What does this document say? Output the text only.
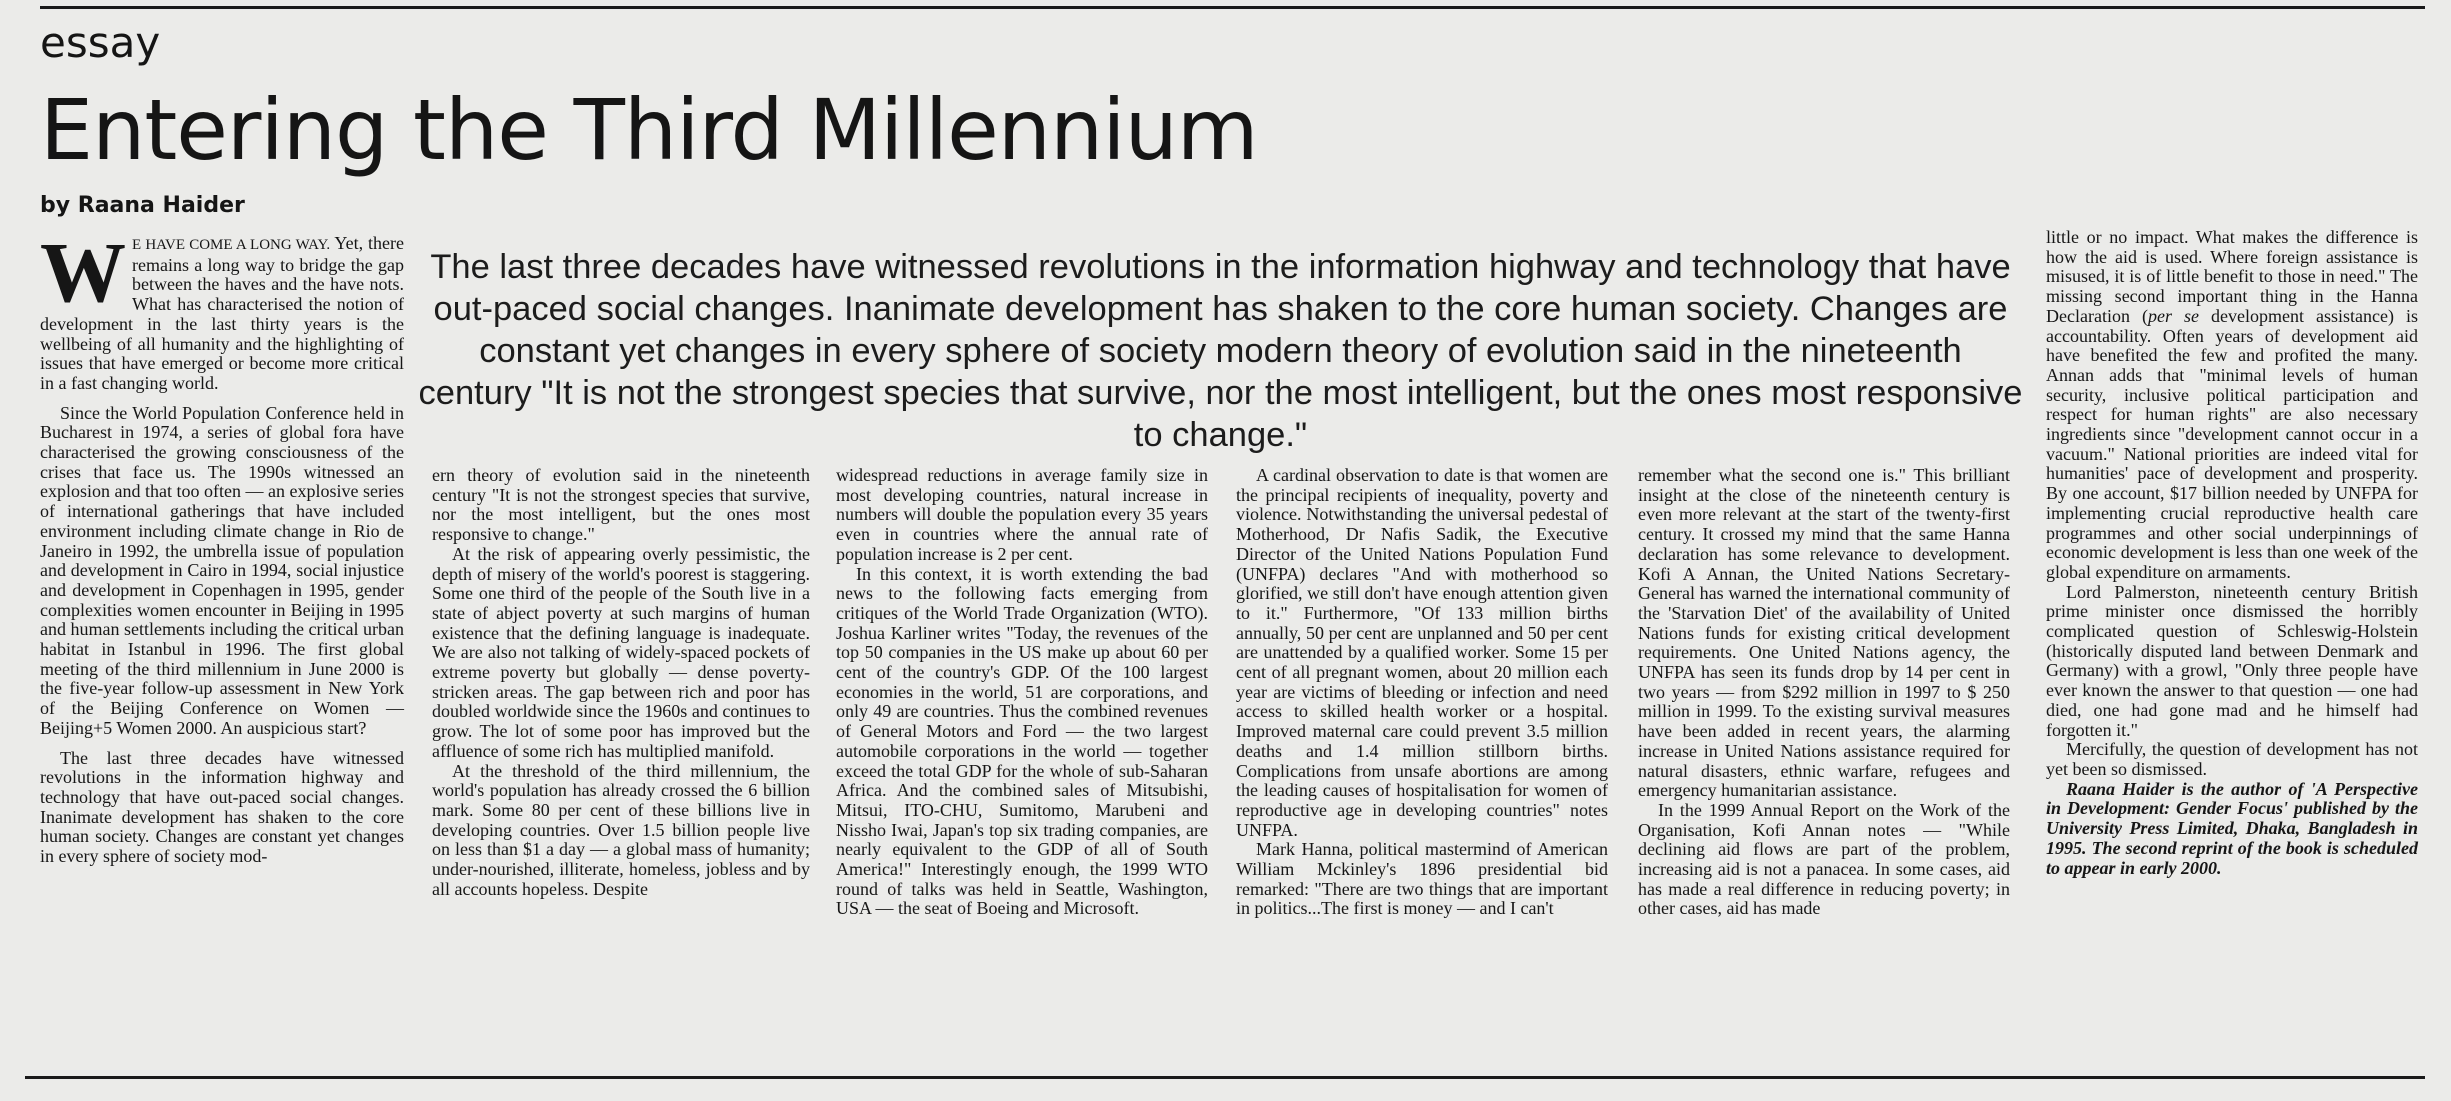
essay
Entering the Third Millennium
by Raana Haider
The last three decades have witnessed revolutions in the information highway and technology that have out-paced social changes. Inanimate development has shaken to the core human society. Changes are constant yet changes in every sphere of society modern theory of evolution said in the nineteenth century "It is not the strongest species that survive, nor the most intelligent, but the ones most responsive to change."

WE HAVE COME A LONG WAY. Yet, there remains a long way to bridge the gap between the haves and the have nots. What has characterised the notion of development in the last thirty years is the wellbeing of all humanity and the highlighting of issues that have emerged or become more critical in a fast changing world.

Since the World Population Conference held in Bucharest in 1974, a series of global fora have characterised the growing consciousness of the crises that face us. The 1990s witnessed an explosion and that too often — an explosive series of international gatherings that have included environment including climate change in Rio de Janeiro in 1992, the umbrella issue of population and development in Cairo in 1994, social injustice and development in Copenhagen in 1995, gender complexities women encounter in Beijing in 1995 and human settlements including the critical urban habitat in Istanbul in 1996. The first global meeting of the third millennium in June 2000 is the five-year follow-up assessment in New York of the Beijing Conference on Women — Beijing+5 Women 2000. An auspicious start?

The last three decades have witnessed revolutions in the information highway and technology that have out-paced social changes. Inanimate development has shaken to the core human society. Changes are constant yet changes in every sphere of society mod-

ern theory of evolution said in the nineteenth century "It is not the strongest species that survive, nor the most intelligent, but the ones most responsive to change."

At the risk of appearing overly pessimistic, the depth of misery of the world's poorest is staggering. Some one third of the people of the South live in a state of abject poverty at such margins of human existence that the defining language is inadequate. We are also not talking of widely-spaced pockets of extreme poverty but globally — dense poverty-stricken areas. The gap between rich and poor has doubled worldwide since the 1960s and continues to grow. The lot of some poor has improved but the affluence of some rich has multiplied manifold.

At the threshold of the third millennium, the world's population has already crossed the 6 billion mark. Some 80 per cent of these billions live in developing countries. Over 1.5 billion people live on less than $1 a day — a global mass of humanity; under-nourished, illiterate, homeless, jobless and by all accounts hopeless. Despite

widespread reductions in average family size in most developing countries, natural increase in numbers will double the population every 35 years even in countries where the annual rate of population increase is 2 per cent.

In this context, it is worth extending the bad news to the following facts emerging from critiques of the World Trade Organization (WTO). Joshua Karliner writes "Today, the revenues of the top 50 companies in the US make up about 60 per cent of the country's GDP. Of the 100 largest economies in the world, 51 are corporations, and only 49 are countries. Thus the combined revenues of General Motors and Ford — the two largest automobile corporations in the world — together exceed the total GDP for the whole of sub-Saharan Africa. And the combined sales of Mitsubishi, Mitsui, ITO-CHU, Sumitomo, Marubeni and Nissho Iwai, Japan's top six trading companies, are nearly equivalent to the GDP of all of South America!" Interestingly enough, the 1999 WTO round of talks was held in Seattle, Washington, USA — the seat of Boeing and Microsoft.

A cardinal observation to date is that women are the principal recipients of inequality, poverty and violence. Notwithstanding the universal pedestal of Motherhood, Dr Nafis Sadik, the Executive Director of the United Nations Population Fund (UNFPA) declares "And with motherhood so glorified, we still don't have enough attention given to it." Furthermore, "Of 133 million births annually, 50 per cent are unplanned and 50 per cent are unattended by a qualified worker. Some 15 per cent of all pregnant women, about 20 million each year are victims of bleeding or infection and need access to skilled health worker or a hospital. Improved maternal care could prevent 3.5 million deaths and 1.4 million stillborn births. Complications from unsafe abortions are among the leading causes of hospitalisation for women of reproductive age in developing countries" notes UNFPA.

Mark Hanna, political mastermind of American William Mckinley's 1896 presidential bid remarked: "There are two things that are important in politics...The first is money — and I can't

remember what the second one is." This brilliant insight at the close of the nineteenth century is even more relevant at the start of the twenty-first century. It crossed my mind that the same Hanna declaration has some relevance to development. Kofi A Annan, the United Nations Secretary-General has warned the international community of the 'Starvation Diet' of the availability of United Nations funds for existing critical development requirements. One United Nations agency, the UNFPA has seen its funds drop by 14 per cent in two years — from $292 million in 1997 to $ 250 million in 1999. To the existing survival measures have been added in recent years, the alarming increase in United Nations assistance required for natural disasters, ethnic warfare, refugees and emergency humanitarian assistance.

In the 1999 Annual Report on the Work of the Organisation, Kofi Annan notes — "While declining aid flows are part of the problem, increasing aid is not a panacea. In some cases, aid has made a real difference in reducing poverty; in other cases, aid has made

little or no impact. What makes the difference is how the aid is used. Where foreign assistance is misused, it is of little benefit to those in need." The missing second important thing in the Hanna Declaration (per se development assistance) is accountability. Often years of development aid have benefited the few and profited the many. Annan adds that "minimal levels of human security, inclusive political participation and respect for human rights" are also necessary ingredients since "development cannot occur in a vacuum." National priorities are indeed vital for humanities' pace of development and prosperity. By one account, $17 billion needed by UNFPA for implementing crucial reproductive health care programmes and other social underpinnings of economic development is less than one week of the global expenditure on armaments.

Lord Palmerston, nineteenth century British prime minister once dismissed the horribly complicated question of Schleswig-Holstein (historically disputed land between Denmark and Germany) with a growl, "Only three people have ever known the answer to that question — one had died, one had gone mad and he himself had forgotten it."

Mercifully, the question of development has not yet been so dismissed.

Raana Haider is the author of 'A Perspective in Development: Gender Focus' published by the University Press Limited, Dhaka, Bangladesh in 1995. The second reprint of the book is scheduled to appear in early 2000.
